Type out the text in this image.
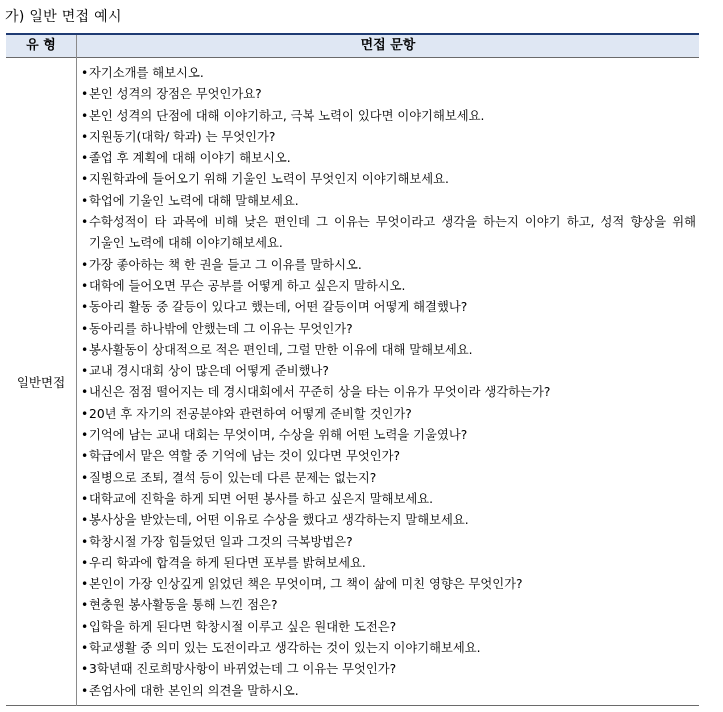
가) 일반 면접 예시
유 형	면접 문항
일반면접
• 자기소개를 해보시오.
• 본인 성격의 장점은 무엇인가요?
• 본인 성격의 단점에 대해 이야기하고, 극복 노력이 있다면 이야기해보세요.
• 지원동기(대학/ 학과) 는 무엇인가?
• 졸업 후 계획에 대해 이야기 해보시오.
• 지원학과에 들어오기 위해 기울인 노력이 무엇인지 이야기해보세요.
• 학업에 기울인 노력에 대해 말해보세요.
• 수학성적이 타 과목에 비해 낮은 편인데 그 이유는 무엇이라고 생각을 하는지 이야기 하고, 성적 향상을 위해 기울인 노력에 대해 이야기해보세요.
• 가장 좋아하는 책 한 권을 들고 그 이유를 말하시오.
• 대학에 들어오면 무슨 공부를 어떻게 하고 싶은지 말하시오.
• 동아리 활동 중 갈등이 있다고 했는데, 어떤 갈등이며 어떻게 해결했나?
• 동아리를 하나밖에 안했는데 그 이유는 무엇인가?
• 봉사활동이 상대적으로 적은 편인데, 그럴 만한 이유에 대해 말해보세요.
• 교내 경시대회 상이 많은데 어떻게 준비했나?
• 내신은 점점 떨어지는 데 경시대회에서 꾸준히 상을 타는 이유가 무엇이라 생각하는가?
• 20년 후 자기의 전공분야와 관련하여 어떻게 준비할 것인가?
• 기억에 남는 교내 대회는 무엇이며, 수상을 위해 어떤 노력을 기울였나?
• 학급에서 맡은 역할 중 기억에 남는 것이 있다면 무엇인가?
• 질병으로 조퇴, 결석 등이 있는데 다른 문제는 없는지?
• 대학교에 진학을 하게 되면 어떤 봉사를 하고 싶은지 말해보세요.
• 봉사상을 받았는데, 어떤 이유로 수상을 했다고 생각하는지 말해보세요.
• 학창시절 가장 힘들었던 일과 그것의 극복방법은?
• 우리 학과에 합격을 하게 된다면 포부를 밝혀보세요.
• 본인이 가장 인상깊게 읽었던 책은 무엇이며, 그 책이 삶에 미친 영향은 무엇인가?
• 현충원 봉사활동을 통해 느낀 점은?
• 입학을 하게 된다면 학창시절 이루고 싶은 원대한 도전은?
• 학교생활 중 의미 있는 도전이라고 생각하는 것이 있는지 이야기해보세요.
• 3학년때 진로희망사항이 바뀌었는데 그 이유는 무엇인가?
• 존엄사에 대한 본인의 의견을 말하시오.
